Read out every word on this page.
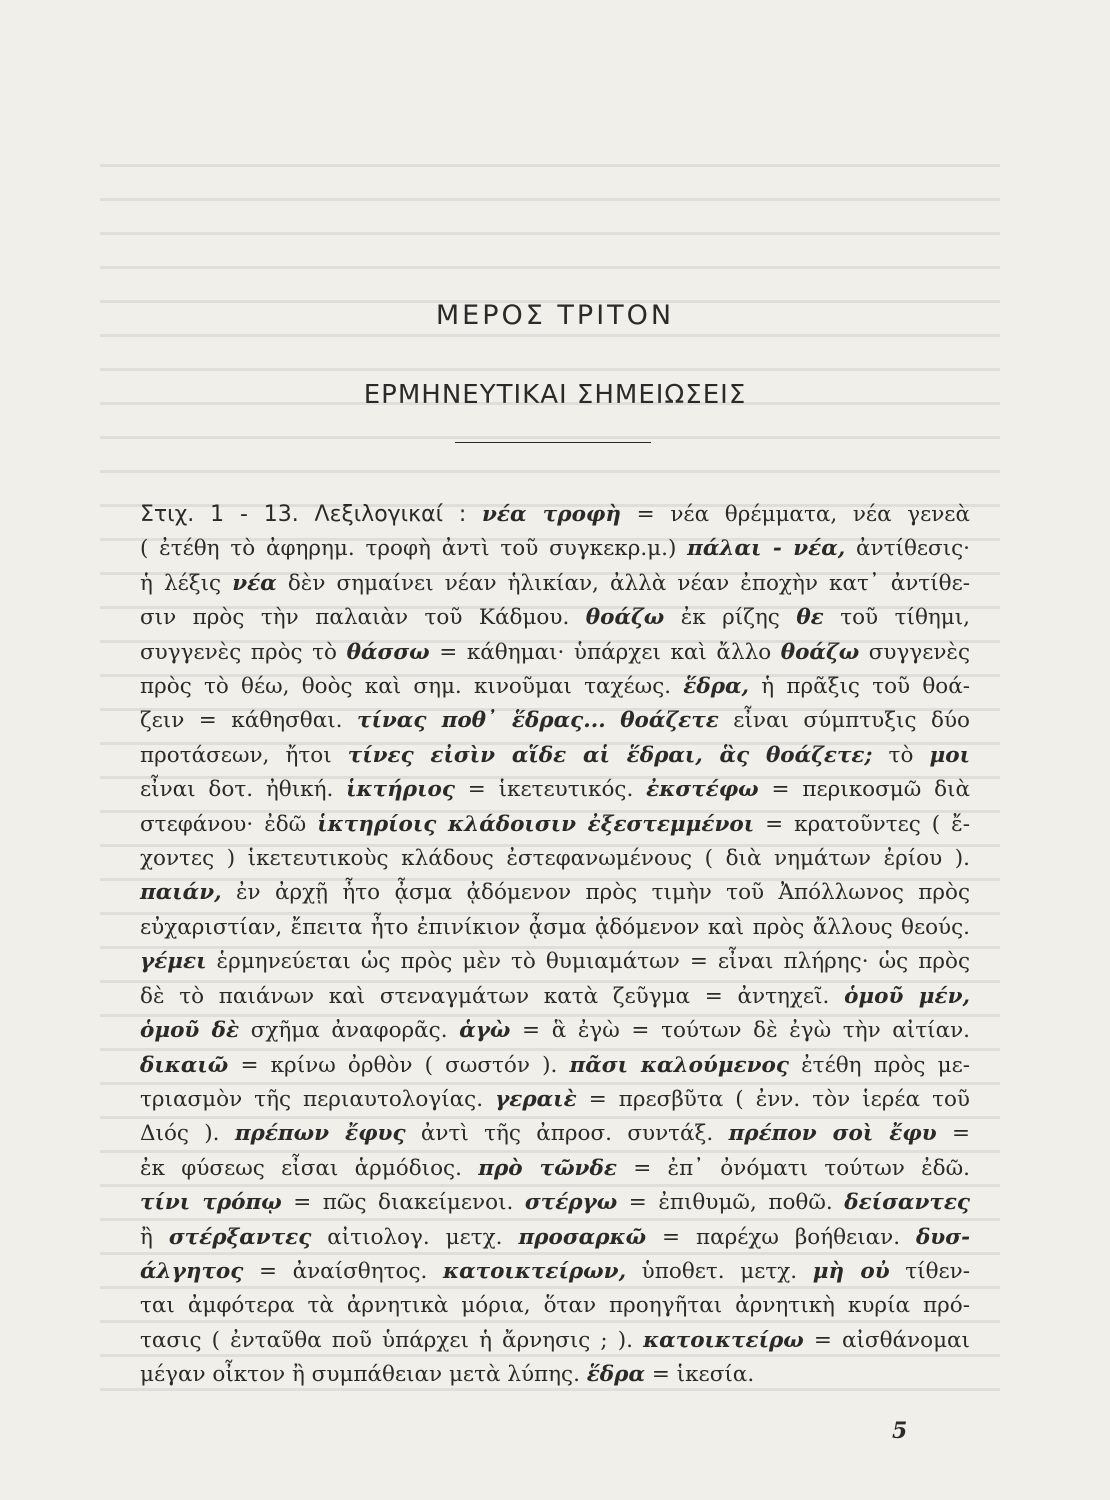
ΜΕΡΟΣ ΤΡΙΤΟΝ
ΕΡΜΗΝΕΥΤΙΚΑΙ ΣΗΜΕΙΩΣΕΙΣ

Στιχ. 1 - 13. Λεξιλογικαί : νέα τροφὴ = νέα θρέμματα, νέα γενεὰ
( ἐτέθη τὸ ἀφηρημ. τροφὴ ἀντὶ τοῦ συγκεκρ.μ.) πάλαι - νέα, ἀντίθεσις·
ἡ λέξις νέα δὲν σημαίνει νέαν ἡλικίαν, ἀλλὰ νέαν ἐποχὴν κατ᾿ ἀντίθε-
σιν πρὸς τὴν παλαιὰν τοῦ Κάδμου. θοάζω ἐκ ρίζης θε τοῦ τίθημι,
συγγενὲς πρὸς τὸ θάσσω = κάθημαι· ὑπάρχει καὶ ἄλλο θοάζω συγγενὲς
πρὸς τὸ θέω, θοὸς καὶ σημ. κινοῦμαι ταχέως. ἕδρα, ἡ πρᾶξις τοῦ θοά-
ζειν = κάθησθαι. τίνας ποθ᾿ ἕδρας... θοάζετε εἶναι σύμπτυξις δύο
προτάσεων, ἤτοι τίνες εἰσὶν αἵδε αἱ ἕδραι, ἃς θοάζετε; τὸ μοι
εἶναι δοτ. ἠθική. ἱκτήριος = ἱκετευτικός. ἐκστέφω = περικοσμῶ διὰ
στεφάνου· ἐδῶ ἱκτηρίοις κλάδοισιν ἐξεστεμμένοι = κρατοῦντες ( ἔ-
χοντες ) ἱκετευτικοὺς κλάδους ἐστεφανωμένους ( διὰ νημάτων ἐρίου ).
παιάν, ἐν ἀρχῇ ἦτο ᾆσμα ᾀδόμενον πρὸς τιμὴν τοῦ Ἀπόλλωνος πρὸς
εὐχαριστίαν, ἔπειτα ἦτο ἐπινίκιον ᾆσμα ᾀδόμενον καὶ πρὸς ἄλλους θεούς.
γέμει ἑρμηνεύεται ὡς πρὸς μὲν τὸ θυμιαμάτων = εἶναι πλήρης· ὡς πρὸς
δὲ τὸ παιάνων καὶ στεναγμάτων κατὰ ζεῦγμα = ἀντηχεῖ. ὁμοῦ μέν,
ὁμοῦ δὲ σχῆμα ἀναφορᾶς. ἁγὼ = ἃ ἐγὼ = τούτων δὲ ἐγὼ τὴν αἰτίαν.
δικαιῶ = κρίνω ὀρθὸν ( σωστόν ). πᾶσι καλούμενος ἐτέθη πρὸς με-
τριασμὸν τῆς περιαυτολογίας. γεραιὲ = πρεσβῦτα ( ἐνν. τὸν ἱερέα τοῦ
Διός ). πρέπων ἔφυς ἀντὶ τῆς ἀπροσ. συντάξ. πρέπον σοὶ ἔφυ =
ἐκ φύσεως εἶσαι ἁρμόδιος. πρὸ τῶνδε = ἐπ᾿ ὀνόματι τούτων ἐδῶ.
τίνι τρόπῳ = πῶς διακείμενοι. στέργω = ἐπιθυμῶ, ποθῶ. δείσαντες
ἢ στέρξαντες αἰτιολογ. μετχ. προσαρκῶ = παρέχω βοήθειαν. δυσ-
άλγητος = ἀναίσθητος. κατοικτείρων, ὑποθετ. μετχ. μὴ οὐ τίθεν-
ται ἀμφότερα τὰ ἀρνητικὰ μόρια, ὅταν προηγῆται ἀρνητικὴ κυρία πρό-
τασις ( ἐνταῦθα ποῦ ὑπάρχει ἡ ἄρνησις ; ). κατοικτείρω = αἰσθάνομαι
μέγαν οἶκτον ἢ συμπάθειαν μετὰ λύπης. ἕδρα = ἱκεσία.

5
